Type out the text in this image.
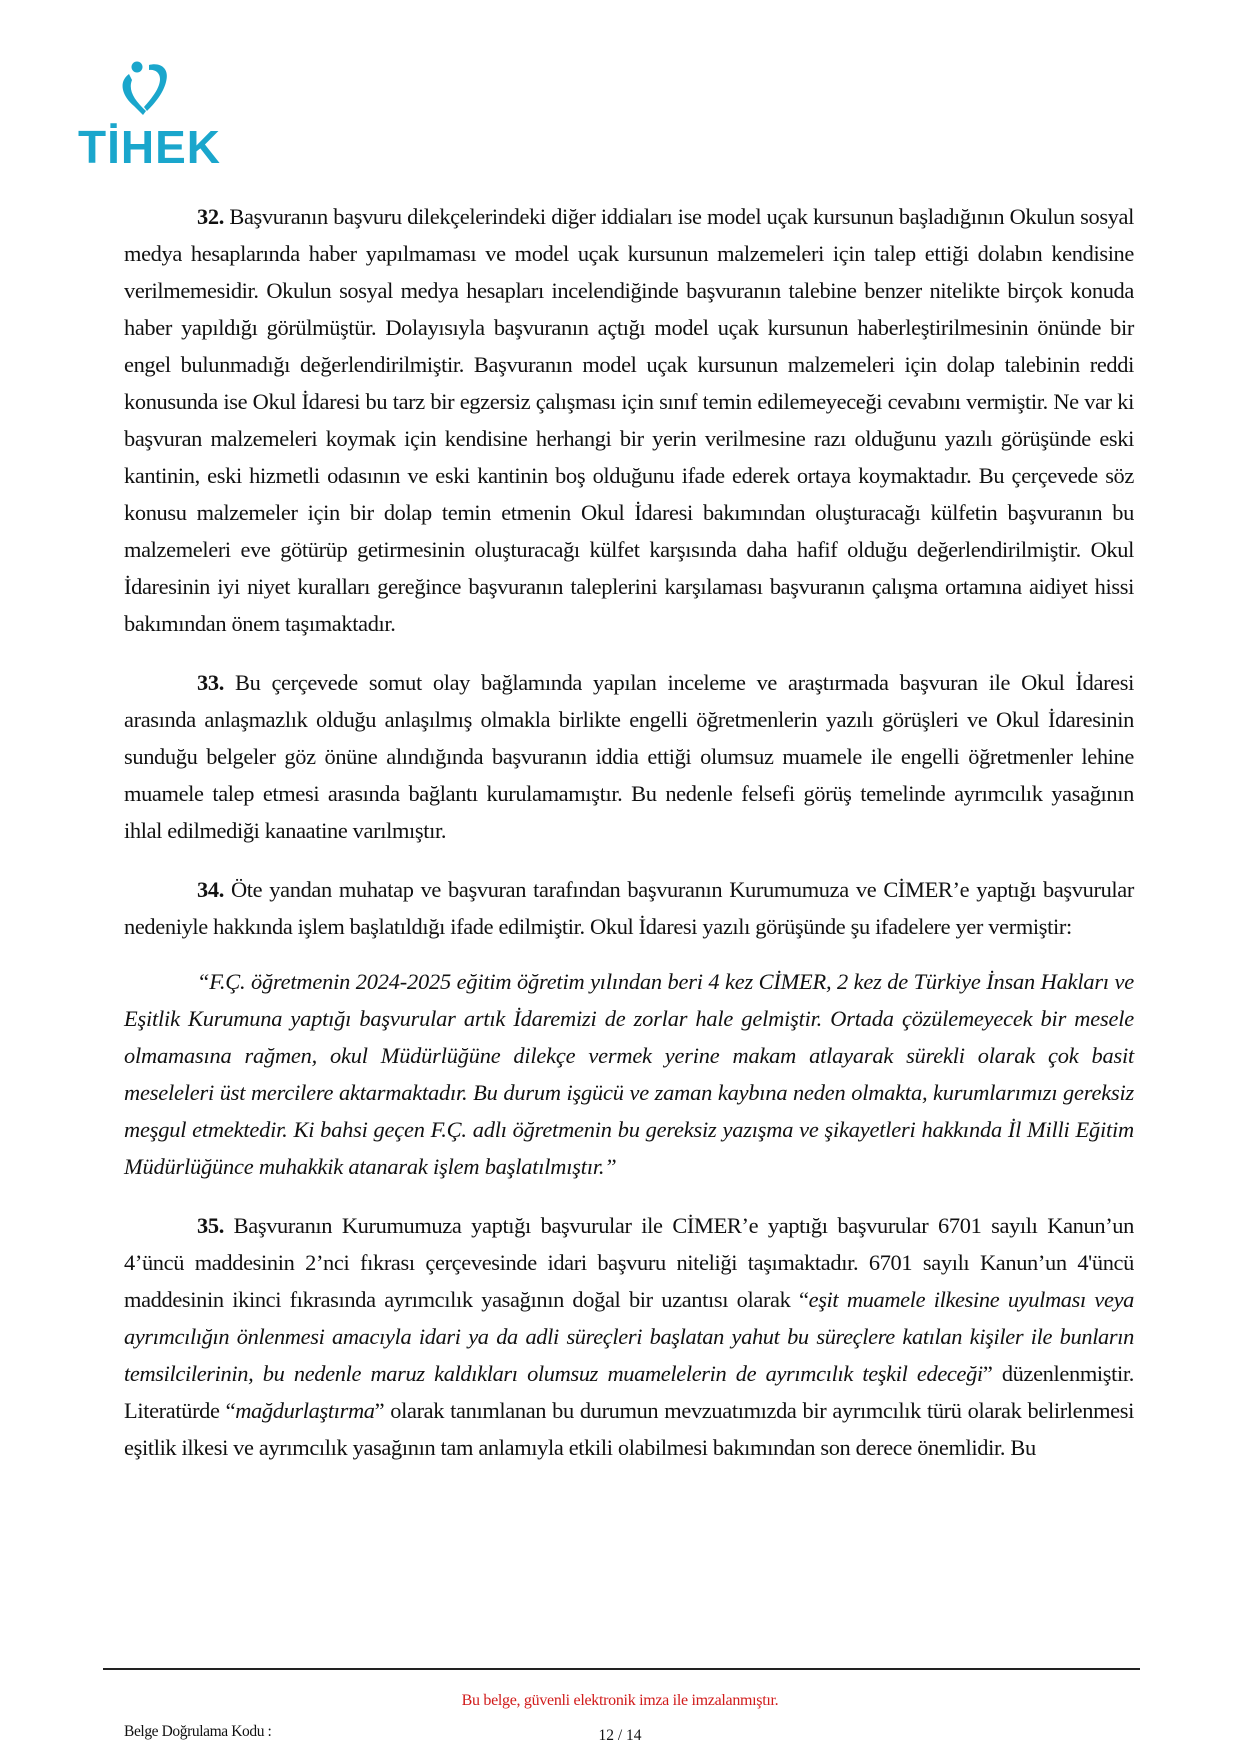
TİHEK

32. Başvuranın başvuru dilekçelerindeki diğer iddiaları ise model uçak kursunun başladığının Okulun sosyal medya hesaplarında haber yapılmaması ve model uçak kursunun malzemeleri için talep ettiği dolabın kendisine verilmemesidir. Okulun sosyal medya hesapları incelendiğinde başvuranın talebine benzer nitelikte birçok konuda haber yapıldığı görülmüştür. Dolayısıyla başvuranın açtığı model uçak kursunun haberleştirilmesinin önünde bir engel bulunmadığı değerlendirilmiştir. Başvuranın model uçak kursunun malzemeleri için dolap talebinin reddi konusunda ise Okul İdaresi bu tarz bir egzersiz çalışması için sınıf temin edilemeyeceği cevabını vermiştir. Ne var ki başvuran malzemeleri koymak için kendisine herhangi bir yerin verilmesine razı olduğunu yazılı görüşünde eski kantinin, eski hizmetli odasının ve eski kantinin boş olduğunu ifade ederek ortaya koymaktadır. Bu çerçevede söz konusu malzemeler için bir dolap temin etmenin Okul İdaresi bakımından oluşturacağı külfetin başvuranın bu malzemeleri eve götürüp getirmesinin oluşturacağı külfet karşısında daha hafif olduğu değerlendirilmiştir. Okul İdaresinin iyi niyet kuralları gereğince başvuranın taleplerini karşılaması başvuranın çalışma ortamına aidiyet hissi bakımından önem taşımaktadır.

33. Bu çerçevede somut olay bağlamında yapılan inceleme ve araştırmada başvuran ile Okul İdaresi arasında anlaşmazlık olduğu anlaşılmış olmakla birlikte engelli öğretmenlerin yazılı görüşleri ve Okul İdaresinin sunduğu belgeler göz önüne alındığında başvuranın iddia ettiği olumsuz muamele ile engelli öğretmenler lehine muamele talep etmesi arasında bağlantı kurulamamıştır. Bu nedenle felsefi görüş temelinde ayrımcılık yasağının ihlal edilmediği kanaatine varılmıştır.

34. Öte yandan muhatap ve başvuran tarafından başvuranın Kurumumuza ve CİMER’e yaptığı başvurular nedeniyle hakkında işlem başlatıldığı ifade edilmiştir. Okul İdaresi yazılı görüşünde şu ifadelere yer vermiştir:

“F.Ç. öğretmenin 2024-2025 eğitim öğretim yılından beri 4 kez CİMER, 2 kez de Türkiye İnsan Hakları ve Eşitlik Kurumuna yaptığı başvurular artık İdaremizi de zorlar hale gelmiştir. Ortada çözülemeyecek bir mesele olmamasına rağmen, okul Müdürlüğüne dilekçe vermek yerine makam atlayarak sürekli olarak çok basit meseleleri üst mercilere aktarmaktadır. Bu durum işgücü ve zaman kaybına neden olmakta, kurumlarımızı gereksiz meşgul etmektedir. Ki bahsi geçen F.Ç. adlı öğretmenin bu gereksiz yazışma ve şikayetleri hakkında İl Milli Eğitim Müdürlüğünce muhakkik atanarak işlem başlatılmıştır.”

35. Başvuranın Kurumumuza yaptığı başvurular ile CİMER’e yaptığı başvurular 6701 sayılı Kanun’un 4’üncü maddesinin 2’nci fıkrası çerçevesinde idari başvuru niteliği taşımaktadır. 6701 sayılı Kanun’un 4'üncü maddesinin ikinci fıkrasında ayrımcılık yasağının doğal bir uzantısı olarak “eşit muamele ilkesine uyulması veya ayrımcılığın önlenmesi amacıyla idari ya da adli süreçleri başlatan yahut bu süreçlere katılan kişiler ile bunların temsilcilerinin, bu nedenle maruz kaldıkları olumsuz muamelelerin de ayrımcılık teşkil edeceği” düzenlenmiştir. Literatürde “mağdurlaştırma” olarak tanımlanan bu durumun mevzuatımızda bir ayrımcılık türü olarak belirlenmesi eşitlik ilkesi ve ayrımcılık yasağının tam anlamıyla etkili olabilmesi bakımından son derece önemlidir. Bu

Bu belge, güvenli elektronik imza ile imzalanmıştır.
Belge Doğrulama Kodu :	12 / 14
